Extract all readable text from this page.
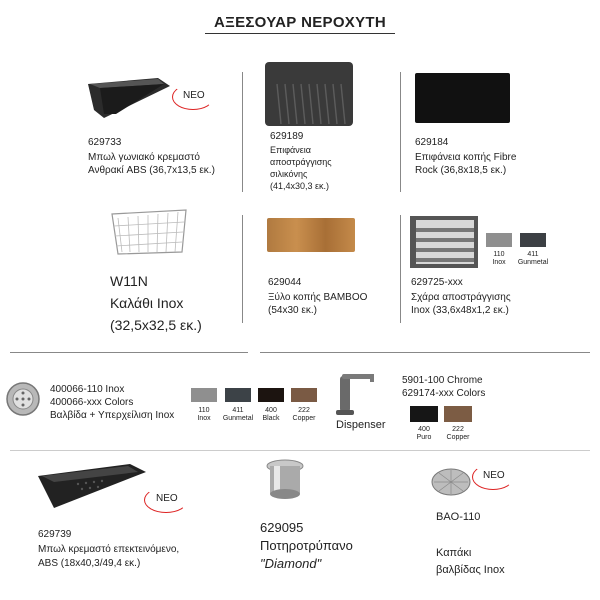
ΑΞΕΣΟΥΑΡ ΝΕΡΟΧΥΤΗ
ΝΕΟ
629733
Μπωλ γωνιακό κρεμαστό
Ανθρακί ABS (36,7x13,5 εκ.)
629189
Επιφάνεια
αποστράγγισης
σιλικόνης
(41,4x30,3 εκ.)
629184
Επιφάνεια κοπής Fibre
Rock (36,8x18,5 εκ.)
W11N
Καλάθι Inox
(32,5x32,5 εκ.)
629044
Ξύλο κοπής BAMBOO
(54x30 εκ.)
110
Inox
411
Gunmetal
629725-xxx
Σχάρα αποστράγγισης
Inox (33,6x48x1,2 εκ.)
400066-110 Inox
400066-xxx Colors
Βαλβίδα + Υπερχείλιση Inox	110
Inox
411
Gunmetal
400
Black
222
Copper
Dispenser
5901-100 Chrome
629174-xxx Colors
400
Puro
222
Copper
ΝΕΟ
629739
Μπωλ κρεμαστό επεκτεινόμενο,
ABS (18x40,3/49,4 εκ.)
629095
Ποτηροτρύπανο
"Diamond"
ΝΕΟ
BAO-110
Καπάκι
βαλβίδας Inox
